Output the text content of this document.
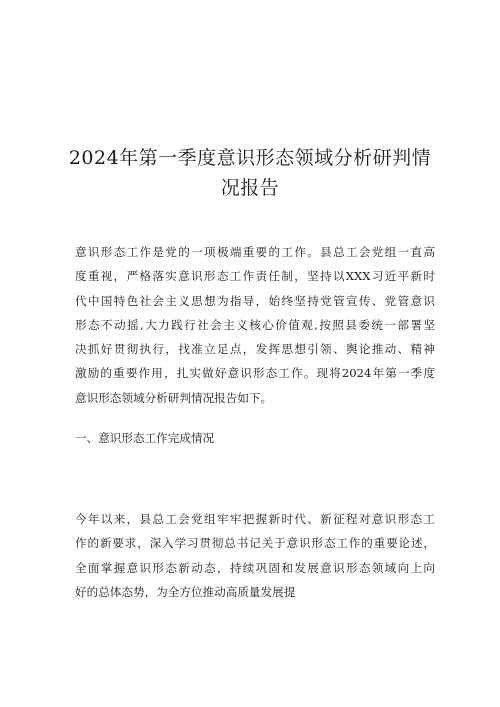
2024年第一季度意识形态领域分析研判情
况报告
意识形态工作是党的一项极端重要的工作。县总工会党组一直高
度重视，严格落实意识形态工作责任制，坚持以XXX习近平新时
代中国特色社会主义思想为指导，始终坚持党管宣传、党管意识
形态不动摇,大力践行社会主义核心价值观,按照县委统一部署坚
决抓好贯彻执行，找准立足点，发挥思想引领、舆论推动、精神
激励的重要作用，扎实做好意识形态工作。现将2024年第一季度
意识形态领域分析研判情况报告如下。
一、意识形态工作完成情况
今年以来，县总工会党组牢牢把握新时代、新征程对意识形态工
作的新要求，深入学习贯彻总书记关于意识形态工作的重要论述，
全面掌握意识形态新动态，持续巩固和发展意识形态领域向上向
好的总体态势，为全方位推动高质量发展提
